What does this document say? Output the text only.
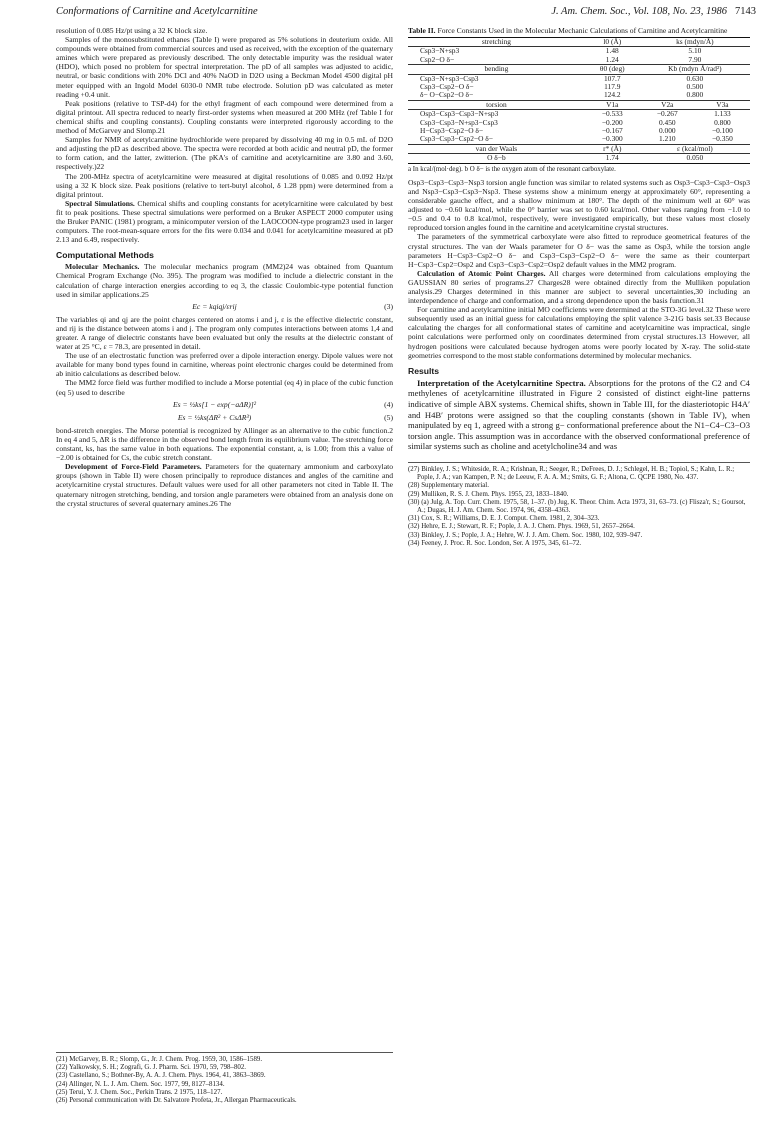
Conformations of Carnitine and Acetylcarnitine	J. Am. Chem. Soc., Vol. 108, No. 23, 1986 7143

resolution of 0.085 Hz/pt using a 32 K block size.

Samples of the monosubstituted ethanes (Table I) were prepared as 5% solutions in deuterium oxide. All compounds were obtained from commercial sources and used as received, with the exception of the quaternary amines which were prepared as previously described. The only detectable impurity was the residual water (HDO), which posed no problem for spectral interpretation. The pD of all samples was adjusted to acidic, neutral, or basic conditions with 20% DCl and 40% NaOD in D2O using a Beckman Model 4500 digital pH meter equipped with an Ingold Model 6030-0 NMR tube electrode. Solution pD was calculated as meter reading +0.4 unit.

Peak positions (relative to TSP-d4) for the ethyl fragment of each compound were determined from a digital printout. All spectra reduced to nearly first-order systems when measured at 200 MHz (ref Table I for chemical shifts and coupling constants). Coupling constants were interpreted rigorously according to the method of McGarvey and Slomp.21

Samples for NMR of acetylcarnitine hydrochloride were prepared by dissolving 40 mg in 0.5 mL of D2O and adjusting the pD as described above. The spectra were recorded at both acidic and neutral pD, the former to form cation, and the latter, zwitterion. (The pKA's of carnitine and acetylcarnitine are 3.80 and 3.60, respectively.)22

The 200-MHz spectra of acetylcarnitine were measured at digital resolutions of 0.085 and 0.092 Hz/pt using a 32 K block size. Peak positions (relative to tert-butyl alcohol, δ 1.28 ppm) were determined from a digital printout.

Spectral Simulations. Chemical shifts and coupling constants for acetylcarnitine were calculated by best fit to peak positions. These spectral simulations were performed on a Bruker ASPECT 2000 computer using the Bruker PANIC (1981) program, a minicomputer version of the LAOCOON-type program23 used in larger computers. The root-mean-square errors for the fits were 0.034 and 0.041 for acetylcarnitine measured at pD 2.13 and 6.49, respectively.

Computational Methods

Molecular Mechanics. The molecular mechanics program (MM2)24 was obtained from Quantum Chemical Program Exchange (No. 395). The program was modified to include a dielectric constant in the calculation of charge interaction energies according to eq 3, the classic Coulombic-type potential function used in similar applications.25

Ec = kqiqj/εrij	(3)

The variables qi and qj are the point charges centered on atoms i and j, ε is the effective dielectric constant, and rij is the distance between atoms i and j. The program only computes interactions between atoms 1,4 and greater. A range of dielectric constants have been evaluated but only the results at the dielectric constant of water at 25 °C, ε = 78.3, are presented in detail.

The use of an electrostatic function was preferred over a dipole interaction energy. Dipole values were not available for many bond types found in carnitine, whereas point electronic charges could be determined from ab initio calculations as described below.

The MM2 force field was further modified to include a Morse potential (eq 4) in place of the cubic function (eq 5) used to describe

Es = ½ks[1 − exp(−aΔR)]²	(4)
Es = ½ks(ΔR² + CsΔR³)	(5)

bond-stretch energies. The Morse potential is recognized by Allinger as an alternative to the cubic function.2 In eq 4 and 5, ΔR is the difference in the observed bond length from its equilibrium value. The stretching force constant, ks, has the same value in both equations. The exponential constant, a, is 1.00; from this a value of −2.00 is obtained for Cs, the cubic stretch constant.

Development of Force-Field Parameters. Parameters for the quaternary ammonium and carboxylato groups (shown in Table II) were chosen principally to reproduce distances and angles of the carnitine and acetylcarnitine crystal structures. Default values were used for all other parameters not cited in Table II. The quaternary nitrogen stretching, bending, and torsion angle parameters were obtained from an analysis done on the crystal structures of several quaternary amines.26 The

(21) McGarvey, B. R.; Slomp, G., Jr. J. Chem. Prog. 1959, 30, 1586–1589.
(22) Yalkowsky, S. H.; Zografi, G. J. Pharm. Sci. 1970, 59, 798–802.
(23) Castellano, S.; Bothner-By, A. A. J. Chem. Phys. 1964, 41, 3863–3869.
(24) Allinger, N. L. J. Am. Chem. Soc. 1977, 99, 8127–8134.
(25) Terui, Y. J. Chem. Soc., Perkin Trans. 2 1975, 118–127.
(26) Personal communication with Dr. Salvatore Profeta, Jr., Allergan Pharmaceuticals.
Table II. Force Constants Used in the Molecular Mechanic Calculations of Carnitine and Acetylcarnitine
stretching	l0 (Å)	ks (mdyn/Å)	
Csp3−N+sp3	1.48	5.10	
Csp2−O δ−	1.24	7.90	
bending	θ0 (deg)	Kb (mdyn Å/rad²)	
Csp3−N+sp3−Csp3	107.7	0.630	
Csp3−Csp2−O δ−	117.9	0.500	
δ− O−Csp2−O δ−	124.2	0.800	
torsion	V1a	V2a	V3a
Osp3−Csp3−Csp3−N+sp3	−0.533	−0.267	1.133
Csp3−Csp3−N+sp3−Csp3	−0.200	0.450	0.800
H−Csp3−Csp2−O δ−	−0.167	0.000	−0.100
Csp3−Csp3−Csp2−O δ−	−0.300	1.210	−0.350
van der Waals	r* (Å)	ε (kcal/mol)	
O δ−b	1.74	0.050	
a In kcal/(mol·deg). b O δ− is the oxygen atom of the resonant carboxylate.

Osp3−Csp3−Csp3−Nsp3 torsion angle function was similar to related systems such as Osp3−Csp3−Csp3−Osp3 and Nsp3−Csp3−Csp3−Nsp3. These systems show a minimum energy at approximately 60°, representing a considerable gauche effect, and a shallow minimum at 180°. The depth of the minimum well at 60° was adjusted to −0.60 kcal/mol, while the 0° barrier was set to 0.60 kcal/mol. Other values ranging from −1.0 to −0.5 and 0.4 to 0.8 kcal/mol, respectively, were investigated empirically, but these values most closely reproduced torsion angles found in the carnitine and acetylcarnitine crystal structures.

The parameters of the symmetrical carboxylate were also fitted to reproduce geometrical features of the crystal structures. The van der Waals parameter for O δ− was the same as Osp3, while the torsion angle parameters H−Csp3−Csp2−O δ− and Csp3−Csp3−Csp2−O δ− were the same as their counterpart H−Csp3−Csp2=Osp2 and Csp3−Csp3−Csp2=Osp2 default values in the MM2 program.

Calculation of Atomic Point Charges. All charges were determined from calculations employing the GAUSSIAN 80 series of programs.27 Charges28 were obtained directly from the Mulliken population analysis.29 Charges determined in this manner are subject to several uncertainties,30 including an interdependence of charge and conformation, and a strong dependence upon the basis function.31

For carnitine and acetylcarnitine initial MO coefficients were determined at the STO-3G level.32 These were subsequently used as an initial guess for calculations employing the split valence 3-21G basis set.33 Because calculating the charges for all conformational states of carnitine and acetylcarnitine was impractical, single point calculations were performed only on coordinates determined from crystal structures.13 However, all hydrogen positions were calculated because hydrogen atoms were poorly located by X-ray. The solid-state geometries correspond to the most stable conformations determined by molecular mechanics.

Results

Interpretation of the Acetylcarnitine Spectra. Absorptions for the protons of the C2 and C4 methylenes of acetylcarnitine illustrated in Figure 2 consisted of distinct eight-line patterns indicative of simple ABX systems. Chemical shifts, shown in Table III, for the diasteriotopic H4A′ and H4B′ protons were assigned so that the coupling constants (shown in Table IV), when manipulated by eq 1, agreed with a strong g− conformational preference about the N1−C4−C3−O3 torsion angle. This assumption was in accordance with the observed conformational preference of similar systems such as choline and acetylcholine34 and was

(27) Binkley, J. S.; Whiteside, R. A.; Krishnan, R.; Seeger, R.; DeFrees, D. J.; Schlegel, H. B.; Topiol, S.; Kahn, L. R.; Pople, J. A.; van Kampen, P. N.; de Leeuw, F. A. A. M.; Smits, G. F.; Altona, C. QCPE 1980, No. 437.
(28) Supplementary material.
(29) Mulliken, R. S. J. Chem. Phys. 1955, 23, 1833–1840.
(30) (a) Julg, A. Top. Curr. Chem. 1975, 58, 1–37. (b) Jug, K. Theor. Chim. Acta 1973, 31, 63–73. (c) Flisza'r, S.; Goursot, A.; Dugas, H. J. Am. Chem. Soc. 1974, 96, 4358–4363.
(31) Cox, S. R.; Williams, D. E. J. Comput. Chem. 1981, 2, 304–323.
(32) Hehre, E. J.; Stewart, R. F.; Pople, J. A. J. Chem. Phys. 1969, 51, 2657–2664.
(33) Binkley, J. S.; Pople, J. A.; Hehre, W. J. J. Am. Chem. Soc. 1980, 102, 939–947.
(34) Feeney, J. Proc. R. Soc. London, Ser. A 1975, 345, 61–72.
